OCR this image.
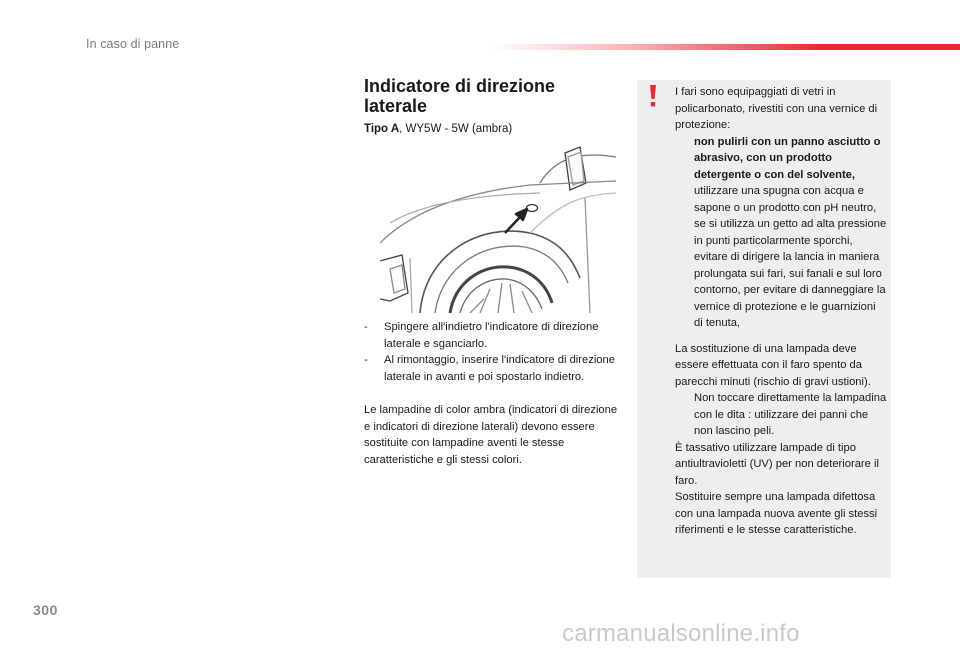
In caso di panne
Indicatore di direzione laterale
Tipo A, WY5W - 5W (ambra)
-	Spingere all'indietro l'indicatore di direzione laterale e sganciarlo.
-	Al rimontaggio, inserire l'indicatore di direzione laterale in avanti e poi spostarlo indietro.
Le lampadine di color ambra (indicatori di direzione e indicatori di direzione laterali) devono essere sostituite con lampadine aventi le stesse caratteristiche e gli stessi colori.

I fari sono equipaggiati di vetri in policarbonato, rivestiti con una vernice di protezione:

non pulirli con un panno asciutto o abrasivo, con un prodotto detergente o con del solvente,
utilizzare una spugna con acqua e sapone o un prodotto con pH neutro,
se si utilizza un getto ad alta pressione in punti particolarmente sporchi, evitare di dirigere la lancia in maniera prolungata sui fari, sui fanali e sul loro contorno, per evitare di danneggiare la vernice di protezione e le guarnizioni di tenuta,

La sostituzione di una lampada deve essere effettuata con il faro spento da parecchi minuti (rischio di gravi ustioni).

Non toccare direttamente la lampadina con le dita : utilizzare dei panni che non lascino peli.

È tassativo utilizzare lampade di tipo antiultravioletti (UV) per non deteriorare il faro.

Sostituire sempre una lampada difettosa con una lampada nuova avente gli stessi riferimenti e le stesse caratteristiche.

300
carmanualsonline.info
